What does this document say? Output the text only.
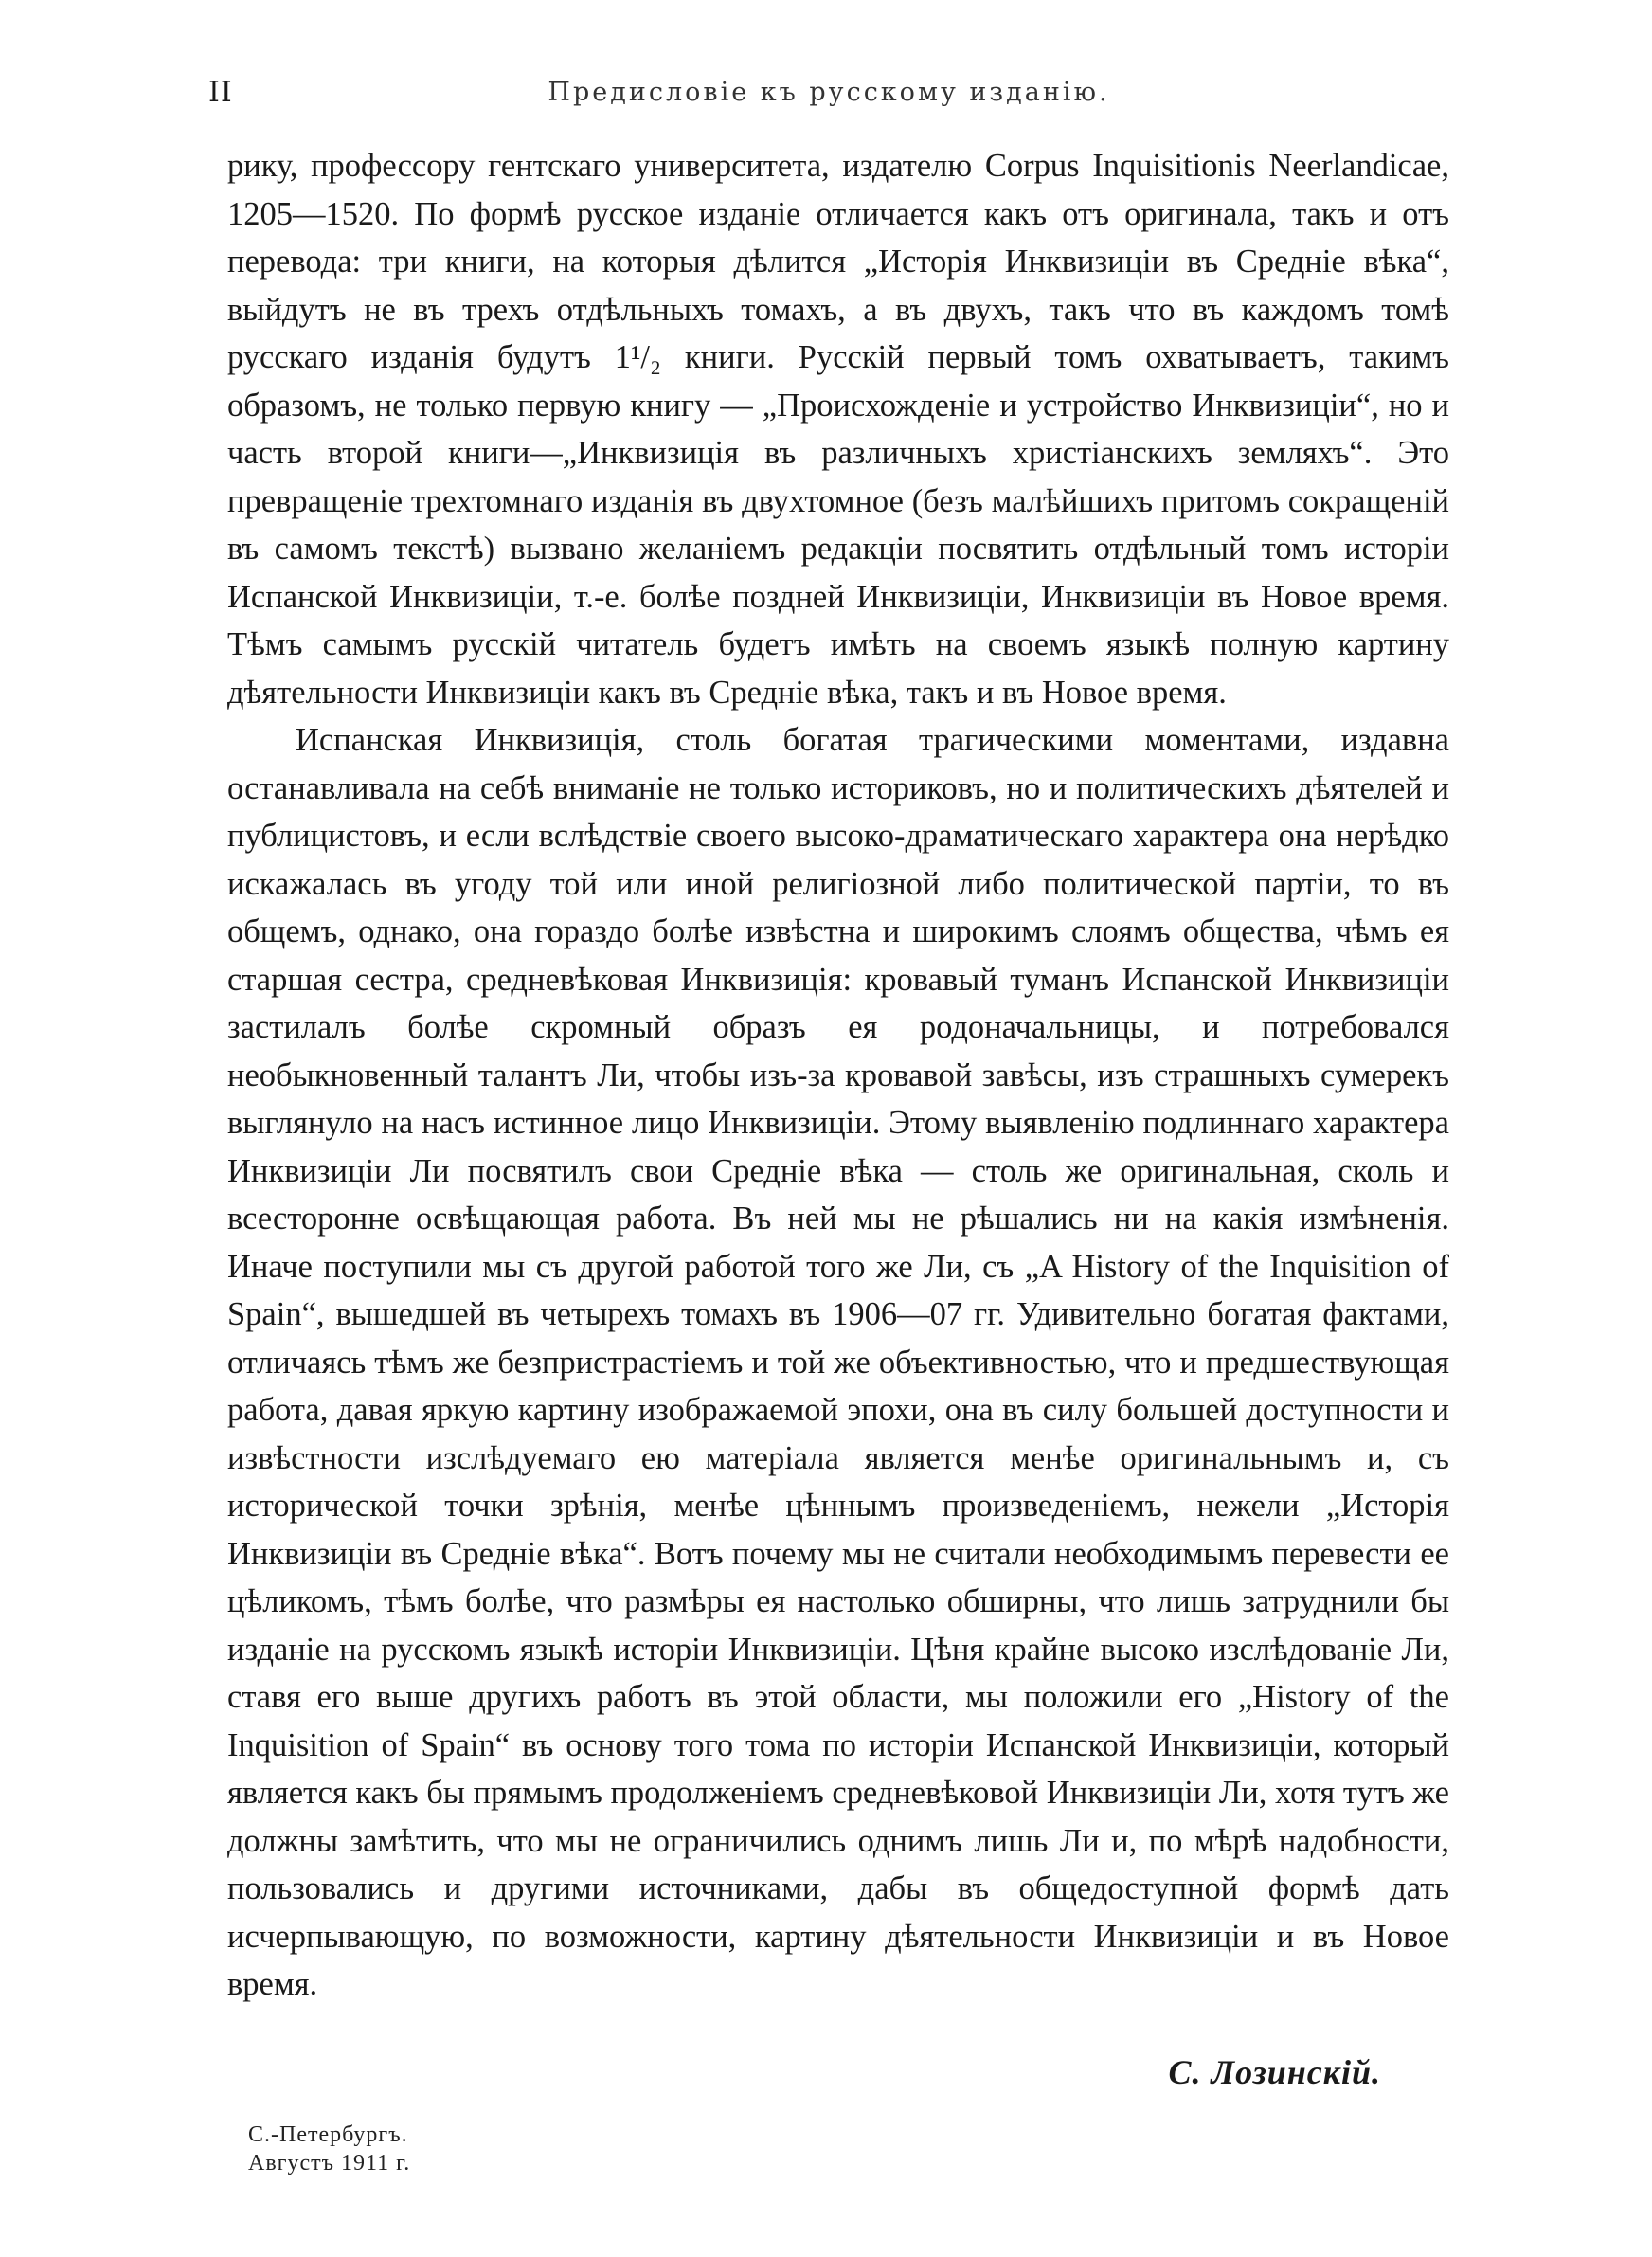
II	Предисловіе къ русскому изданію.

рику, профессору гентскаго университета, издателю Corpus Inquisitionis Neerlandicae, 1205—1520. По формѣ русское изданіе отличается какъ отъ оригинала, такъ и отъ перевода: три книги, на которыя дѣлится „Исторія Инквизиціи въ Средніе вѣка“, выйдутъ не въ трехъ отдѣльныхъ томахъ, а въ двухъ, такъ что въ каждомъ томѣ русскаго изданія будутъ 1¹/₂ книги. Русскій первый томъ охватываетъ, такимъ образомъ, не только первую книгу — „Происхожденіе и устройство Инквизиціи“, но и часть второй книги—„Инквизиція въ различныхъ христіанскихъ земляхъ“. Это превращеніе трехтомнаго изданія въ двухтомное (безъ малѣйшихъ притомъ сокращеній въ самомъ текстѣ) вызвано желаніемъ редакціи посвятить отдѣльный томъ исторіи Испанской Инквизиціи, т.-е. болѣе поздней Инквизиціи, Инквизиціи въ Новое время. Тѣмъ самымъ русскій читатель будетъ имѣть на своемъ языкѣ полную картину дѣятельности Инквизиціи какъ въ Средніе вѣка, такъ и въ Новое время.

Испанская Инквизиція, столь богатая трагическими моментами, издавна останавливала на себѣ вниманіе не только историковъ, но и политическихъ дѣятелей и публицистовъ, и если вслѣдствіе своего высоко-драматическаго характера она нерѣдко искажалась въ угоду той или иной религіозной либо политической партіи, то въ общемъ, однако, она гораздо болѣе извѣстна и широкимъ слоямъ общества, чѣмъ ея старшая сестра, средневѣковая Инквизиція: кровавый туманъ Испанской Инквизиціи застилалъ болѣе скромный образъ ея родоначальницы, и потребовался необыкновенный талантъ Ли, чтобы изъ-за кровавой завѣсы, изъ страшныхъ сумерекъ выглянуло на насъ истинное лицо Инквизиціи. Этому выявленію подлиннаго характера Инквизиціи Ли посвятилъ свои Средніе вѣка — столь же оригинальная, сколь и всесторонне освѣщающая работа. Въ ней мы не рѣшались ни на какія измѣненія. Иначе поступили мы съ другой работой того же Ли, съ „A History of the Inquisition of Spain“, вышедшей въ четырехъ томахъ въ 1906—07 гг. Удивительно богатая фактами, отличаясь тѣмъ же безпристрастіемъ и той же объективностью, что и предшествующая работа, давая яркую картину изображаемой эпохи, она въ силу большей доступности и извѣстности изслѣдуемаго ею матеріала является менѣе оригинальнымъ и, съ исторической точки зрѣнія, менѣе цѣннымъ произведеніемъ, нежели „Исторія Инквизиціи въ Средніе вѣка“. Вотъ почему мы не считали необходимымъ перевести ее цѣликомъ, тѣмъ болѣе, что размѣры ея настолько обширны, что лишь затруднили бы изданіе на русскомъ языкѣ исторіи Инквизиціи. Цѣня крайне высоко изслѣдованіе Ли, ставя его выше другихъ работъ въ этой области, мы положили его „History of the Inquisition of Spain“ въ основу того тома по исторіи Испанской Инквизиціи, который является какъ бы прямымъ продолженіемъ средневѣковой Инквизиціи Ли, хотя тутъ же должны замѣтить, что мы не ограничились однимъ лишь Ли и, по мѣрѣ надобности, пользовались и другими источниками, дабы въ общедоступной формѣ дать исчерпывающую, по возможности, картину дѣятельности Инквизиціи и въ Новое время.

С. Лозинскій.
С.-Петербургъ.
Августъ 1911 г.
